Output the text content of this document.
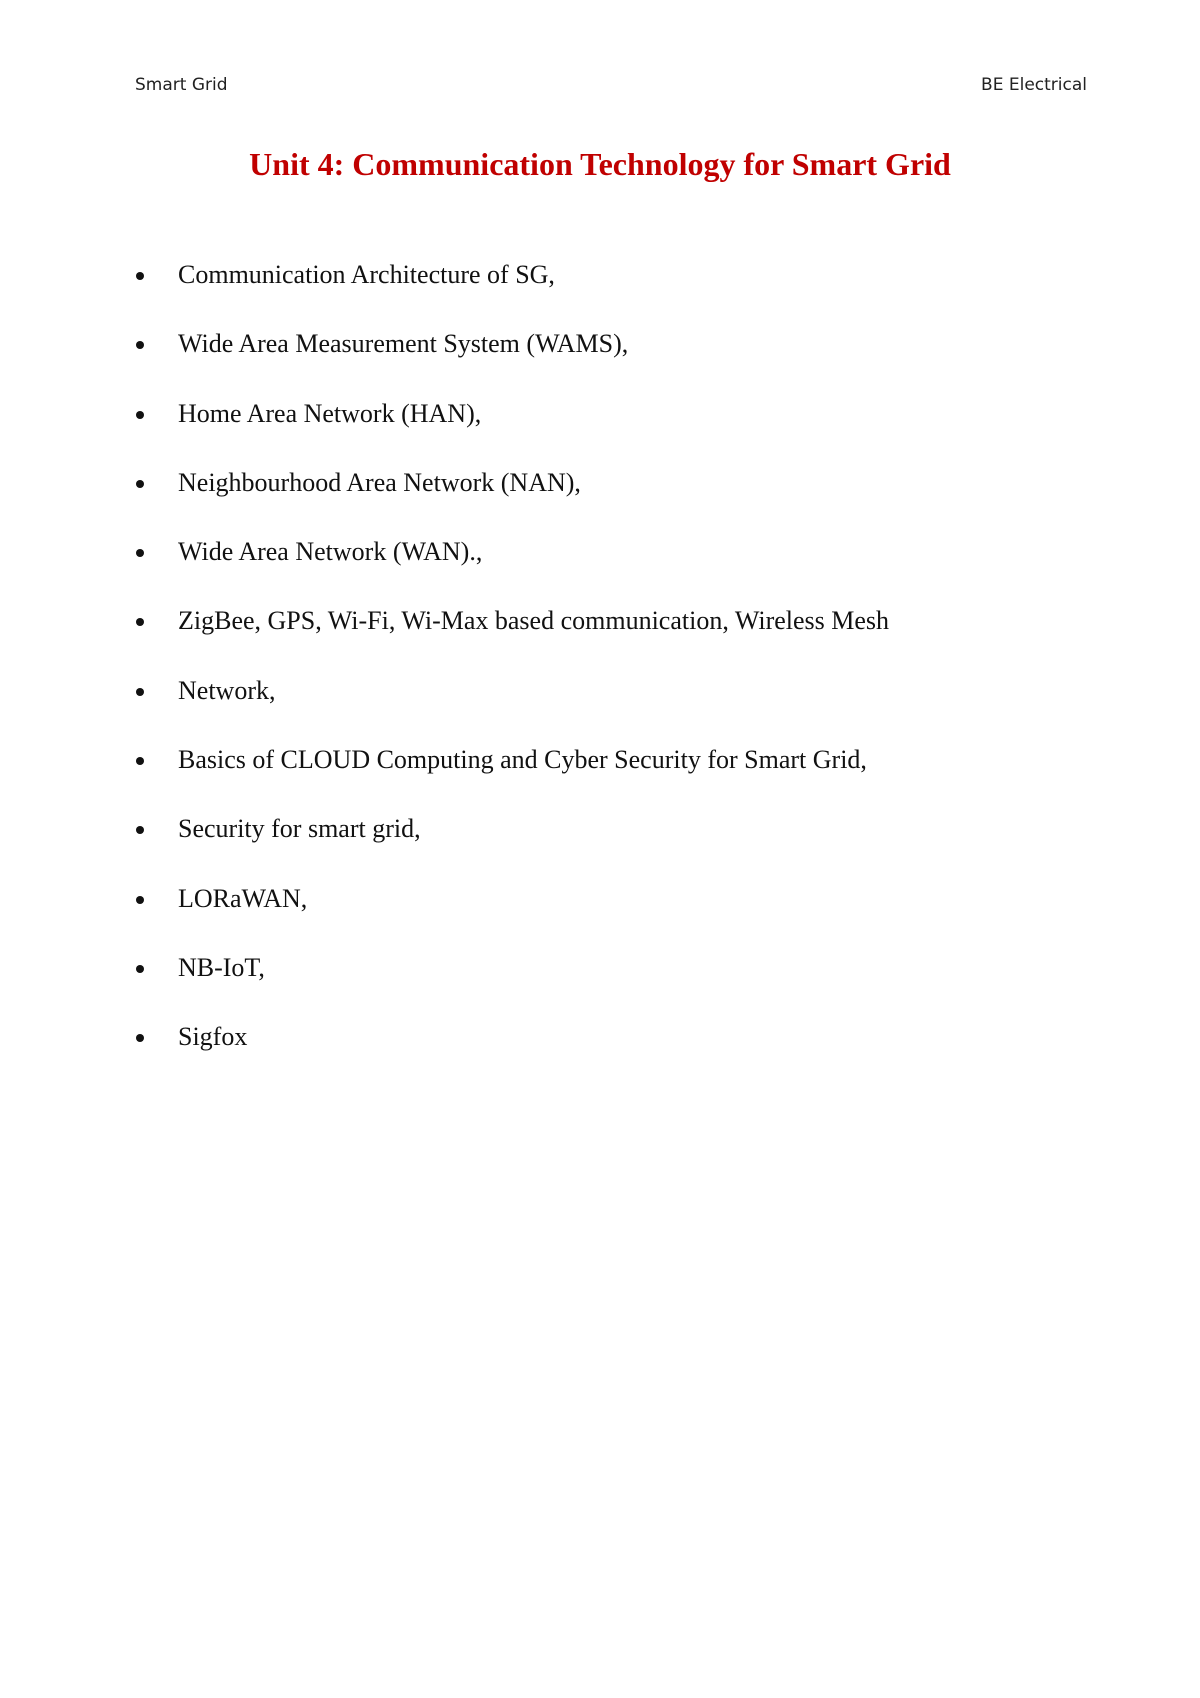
Smart Grid	BE Electrical
Unit 4: Communication Technology for Smart Grid
Communication Architecture of SG,
Wide Area Measurement System (WAMS),
Home Area Network (HAN),
Neighbourhood Area Network (NAN),
Wide Area Network (WAN).,
ZigBee, GPS, Wi-Fi, Wi-Max based communication, Wireless Mesh
Network,
Basics of CLOUD Computing and Cyber Security for Smart Grid,
Security for smart grid,
LORaWAN,
NB-IoT,
Sigfox
